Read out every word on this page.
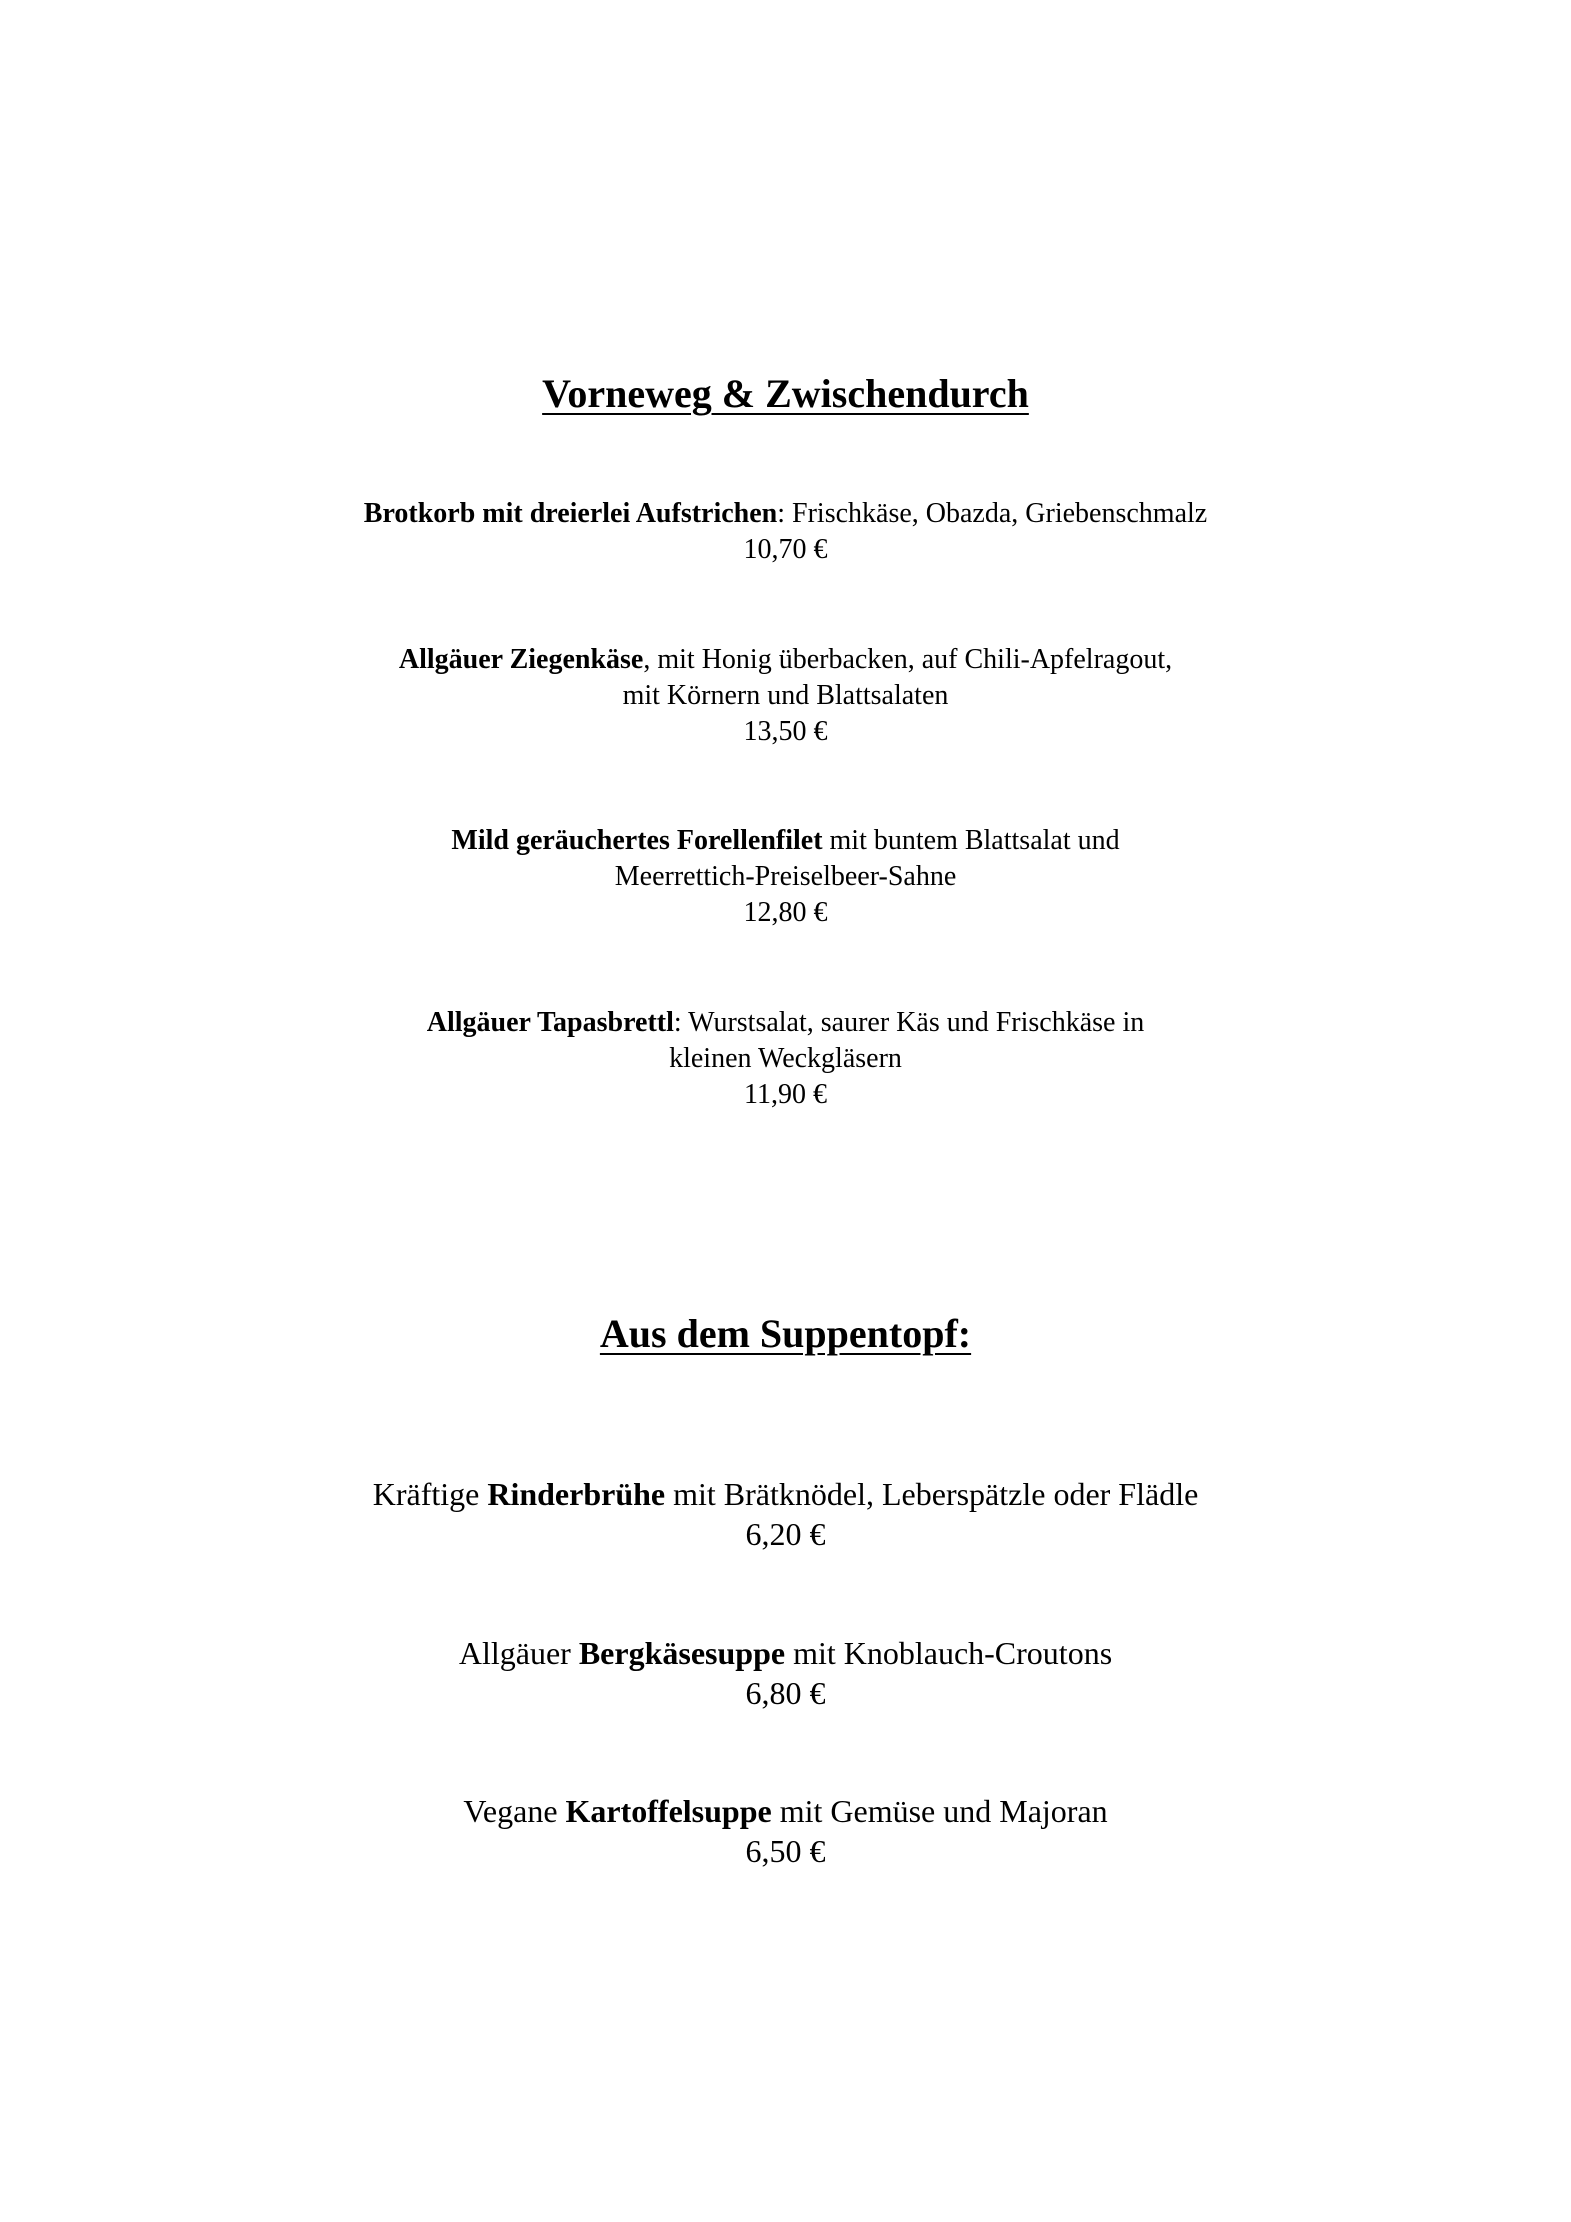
Vorneweg & Zwischendurch
Brotkorb mit dreierlei Aufstrichen: Frischkäse, Obazda, Griebenschmalz
10,70 €
Allgäuer Ziegenkäse, mit Honig überbacken, auf Chili-Apfelragout,
mit Körnern und Blattsalaten
13,50 €
Mild geräuchertes Forellenfilet mit buntem Blattsalat und
Meerrettich-Preiselbeer-Sahne
12,80 €
Allgäuer Tapasbrettl: Wurstsalat, saurer Käs und Frischkäse in
kleinen Weckgläsern
11,90 €
Aus dem Suppentopf:
Kräftige Rinderbrühe mit Brätknödel, Leberspätzle oder Flädle
6,20 €
Allgäuer Bergkäsesuppe mit Knoblauch-Croutons
6,80 €
Vegane Kartoffelsuppe mit Gemüse und Majoran
6,50 €
